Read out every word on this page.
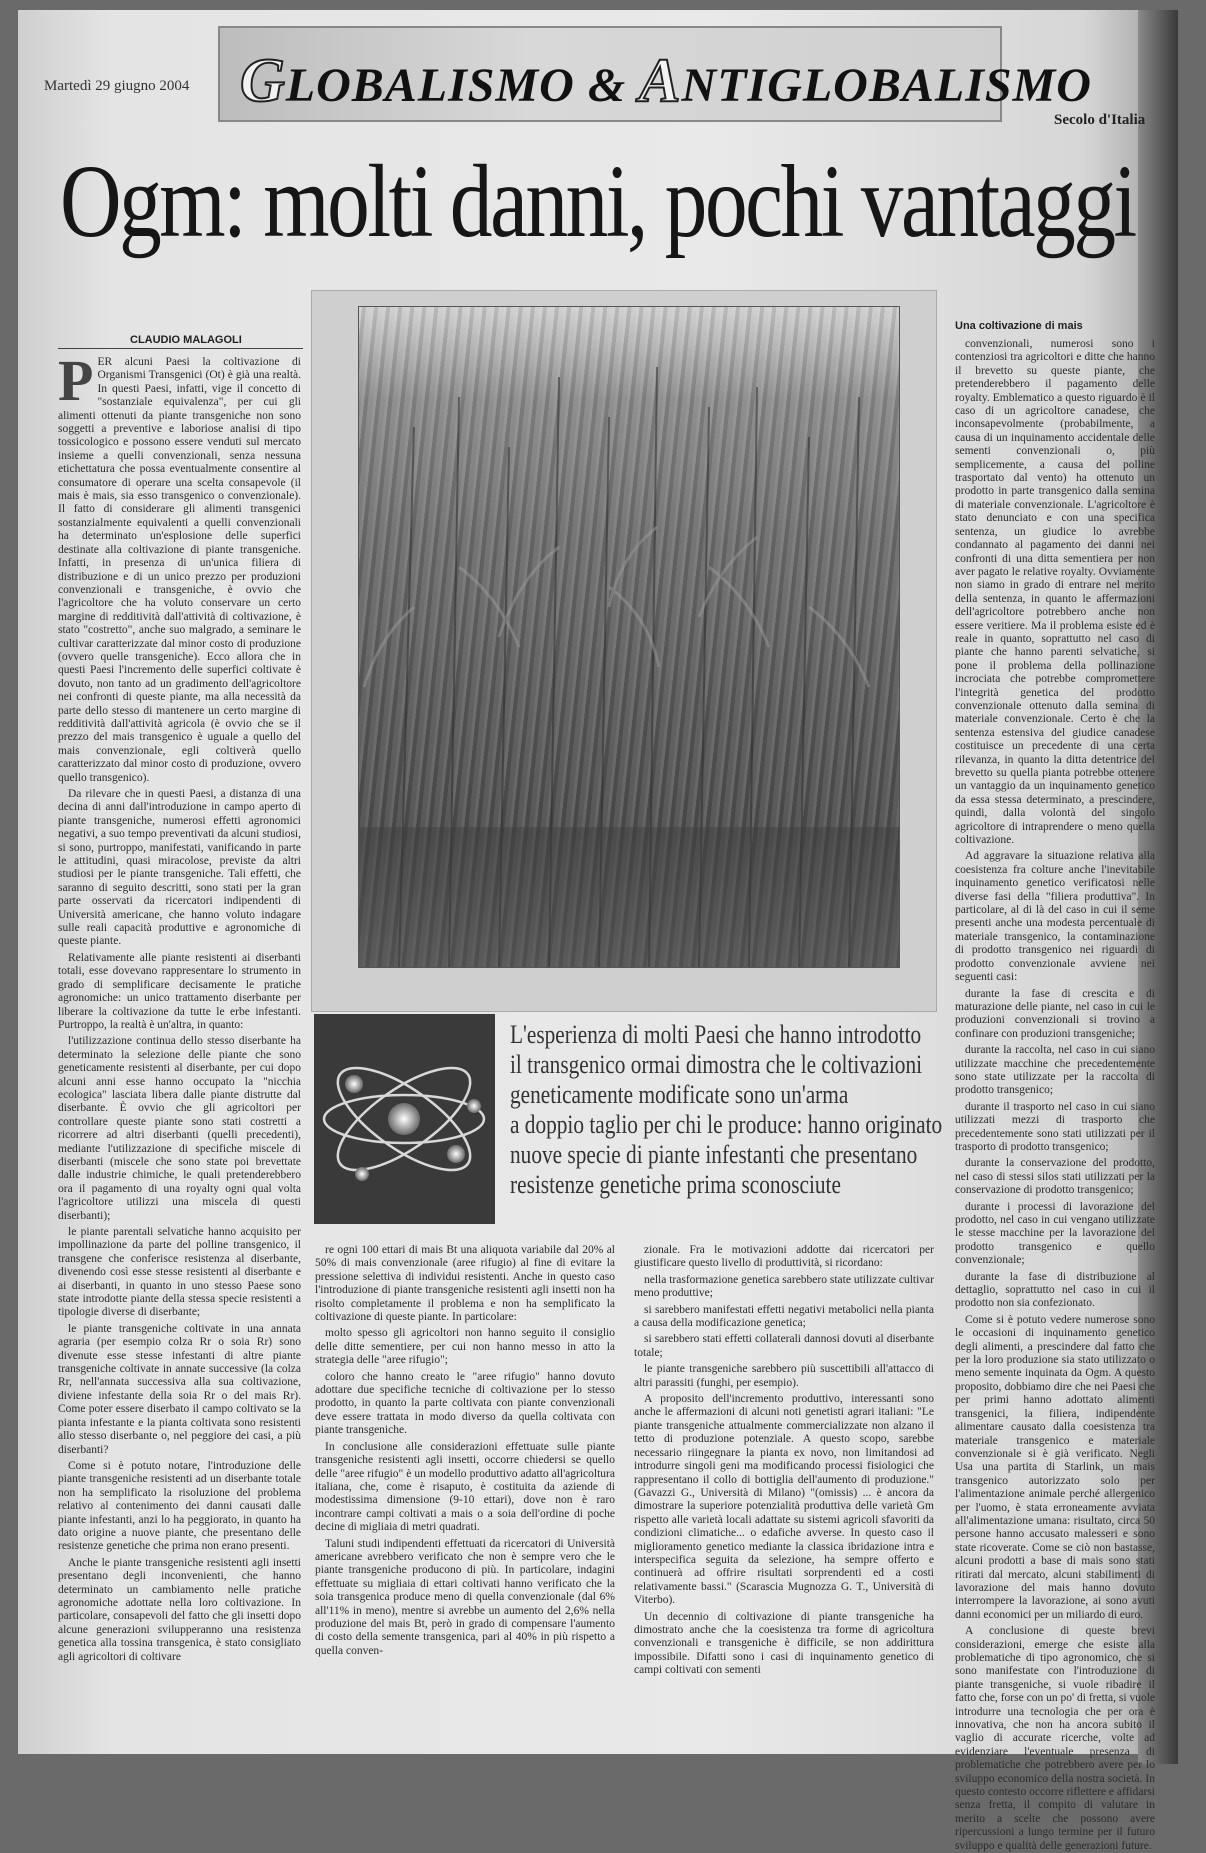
GLOBALISMO & ANTIGLOBALISMO
Martedì 29 giugno 2004
Secolo d'Italia
Ogm: molti danni, pochi vantaggi
CLAUDIO MALAGOLI

PER alcuni Paesi la coltivazione di Organismi Transgenici (Ot) è già una realtà. In questi Paesi, infatti, vige il concetto di "sostanziale equivalenza", per cui gli alimenti ottenuti da piante transgeniche non sono soggetti a preventive e laboriose analisi di tipo tossicologico e possono essere venduti sul mercato insieme a quelli convenzionali, senza nessuna etichettatura che possa eventualmente consentire al consumatore di operare una scelta consapevole (il mais è mais, sia esso transgenico o convenzionale). Il fatto di considerare gli alimenti transgenici sostanzialmente equivalenti a quelli convenzionali ha determinato un'esplosione delle superfici destinate alla coltivazione di piante transgeniche. Infatti, in presenza di un'unica filiera di distribuzione e di un unico prezzo per produzioni convenzionali e transgeniche, è ovvio che l'agricoltore che ha voluto conservare un certo margine di redditività dall'attività di coltivazione, è stato "costretto", anche suo malgrado, a seminare le cultivar caratterizzate dal minor costo di produzione (ovvero quelle transgeniche). Ecco allora che in questi Paesi l'incremento delle superfici coltivate è dovuto, non tanto ad un gradimento dell'agricoltore nei confronti di queste piante, ma alla necessità da parte dello stesso di mantenere un certo margine di redditività dall'attività agricola (è ovvio che se il prezzo del mais transgenico è uguale a quello del mais convenzionale, egli coltiverà quello caratterizzato dal minor costo di produzione, ovvero quello transgenico).

Da rilevare che in questi Paesi, a distanza di una decina di anni dall'introduzione in campo aperto di piante transgeniche, numerosi effetti agronomici negativi, a suo tempo preventivati da alcuni studiosi, si sono, purtroppo, manifestati, vanificando in parte le attitudini, quasi miracolose, previste da altri studiosi per le piante transgeniche. Tali effetti, che saranno di seguito descritti, sono stati per la gran parte osservati da ricercatori indipendenti di Università americane, che hanno voluto indagare sulle reali capacità produttive e agronomiche di queste piante.

Relativamente alle piante resistenti ai diserbanti totali, esse dovevano rappresentare lo strumento in grado di semplificare decisamente le pratiche agronomiche: un unico trattamento diserbante per liberare la coltivazione da tutte le erbe infestanti. Purtroppo, la realtà è un'altra, in quanto:

l'utilizzazione continua dello stesso diserbante ha determinato la selezione delle piante che sono geneticamente resistenti al diserbante, per cui dopo alcuni anni esse hanno occupato la "nicchia ecologica" lasciata libera dalle piante distrutte dal diserbante. È ovvio che gli agricoltori per controllare queste piante sono stati costretti a ricorrere ad altri diserbanti (quelli precedenti), mediante l'utilizzazione di specifiche miscele di diserbanti (miscele che sono state poi brevettate dalle industrie chimiche, le quali pretenderebbero ora il pagamento di una royalty ogni qual volta l'agricoltore utilizzi una miscela di questi diserbanti);

le piante parentali selvatiche hanno acquisito per impollinazione da parte del polline transgenico, il transgene che conferisce resistenza al diserbante, divenendo così esse stesse resistenti al diserbante e ai diserbanti, in quanto in uno stesso Paese sono state introdotte piante della stessa specie resistenti a tipologie diverse di diserbante;

le piante transgeniche coltivate in una annata agraria (per esempio colza Rr o soia Rr) sono divenute esse stesse infestanti di altre piante transgeniche coltivate in annate successive (la colza Rr, nell'annata successiva alla sua coltivazione, diviene infestante della soia Rr o del mais Rr). Come poter essere diserbato il campo coltivato se la pianta infestante e la pianta coltivata sono resistenti allo stesso diserbante o, nel peggiore dei casi, a più diserbanti?

Come si è potuto notare, l'introduzione delle piante transgeniche resistenti ad un diserbante totale non ha semplificato la risoluzione del problema relativo al contenimento dei danni causati dalle piante infestanti, anzi lo ha peggiorato, in quanto ha dato origine a nuove piante, che presentano delle resistenze genetiche che prima non erano presenti.

Anche le piante transgeniche resistenti agli insetti presentano degli inconvenienti, che hanno determinato un cambiamento nelle pratiche agronomiche adottate nella loro coltivazione. In particolare, consapevoli del fatto che gli insetti dopo alcune generazioni svilupperanno una resistenza genetica alla tossina transgenica, è stato consigliato agli agricoltori di coltivare

Una coltivazione di mais

convenzionali, numerosi sono i contenziosi tra agricoltori e ditte che hanno il brevetto su queste piante, che pretenderebbero il pagamento delle royalty. Emblematico a questo riguardo è il caso di un agricoltore canadese, che inconsapevolmente (probabilmente, a causa di un inquinamento accidentale delle sementi convenzionali o, più semplicemente, a causa del polline trasportato dal vento) ha ottenuto un prodotto in parte transgenico dalla semina di materiale convenzionale. L'agricoltore è stato denunciato e con una specifica sentenza, un giudice lo avrebbe condannato al pagamento dei danni nei confronti di una ditta sementiera per non aver pagato le relative royalty. Ovviamente non siamo in grado di entrare nel merito della sentenza, in quanto le affermazioni dell'agricoltore potrebbero anche non essere veritiere. Ma il problema esiste ed è reale in quanto, soprattutto nel caso di piante che hanno parenti selvatiche, si pone il problema della pollinazione incrociata che potrebbe compromettere l'integrità genetica del prodotto convenzionale ottenuto dalla semina di materiale convenzionale. Certo è che la sentenza estensiva del giudice canadese costituisce un precedente di una certa rilevanza, in quanto la ditta detentrice del brevetto su quella pianta potrebbe ottenere un vantaggio da un inquinamento genetico da essa stessa determinato, a prescindere, quindi, dalla volontà del singolo agricoltore di intraprendere o meno quella coltivazione.

Ad aggravare la situazione relativa alla coesistenza fra colture anche l'inevitabile inquinamento genetico verificatosi nelle diverse fasi della "filiera produttiva". In particolare, al di là del caso in cui il seme presenti anche una modesta percentuale di materiale transgenico, la contaminazione di prodotto transgenico nei riguardi di prodotto convenzionale avviene nei seguenti casi:

durante la fase di crescita e di maturazione delle piante, nel caso in cui le produzioni convenzionali si trovino a confinare con produzioni transgeniche;

durante la raccolta, nel caso in cui siano utilizzate macchine che precedentemente sono state utilizzate per la raccolta di prodotto transgenico;

durante il trasporto nel caso in cui siano utilizzati mezzi di trasporto che precedentemente sono stati utilizzati per il trasporto di prodotto transgenico;

durante la conservazione del prodotto, nel caso di stessi silos stati utilizzati per la conservazione di prodotto transgenico;

durante i processi di lavorazione del prodotto, nel caso in cui vengano utilizzate le stesse macchine per la lavorazione del prodotto transgenico e quello convenzionale;

durante la fase di distribuzione al dettaglio, soprattutto nel caso in cui il prodotto non sia confezionato.

Come si è potuto vedere numerose sono le occasioni di inquinamento genetico degli alimenti, a prescindere dal fatto che per la loro produzione sia stato utilizzato o meno semente inquinata da Ogm. A questo proposito, dobbiamo dire che nei Paesi che per primi hanno adottato alimenti transgenici, la filiera, indipendente alimentare causato dalla coesistenza tra materiale transgenico e materiale convenzionale si è già verificato. Negli Usa una partita di Starlink, un mais transgenico autorizzato solo per l'alimentazione animale perché allergenico per l'uomo, è stata erroneamente avviata all'alimentazione umana: risultato, circa 50 persone hanno accusato malesseri e sono state ricoverate. Come se ciò non bastasse, alcuni prodotti a base di mais sono stati ritirati dal mercato, alcuni stabilimenti di lavorazione del mais hanno dovuto interrompere la lavorazione, ai sono avuti danni economici per un miliardo di euro.

A conclusione di queste brevi considerazioni, emerge che esiste alla problematiche di tipo agronomico, che si sono manifestate con l'introduzione di piante transgeniche, si vuole ribadire il fatto che, forse con un po' di fretta, si vuole introdurre una tecnologia che per ora è innovativa, che non ha ancora subito il vaglio di accurate ricerche, volte ad evidenziare l'eventuale presenza di problematiche che potrebbero avere per lo sviluppo economico della nostra società. In questo contesto occorre riflettere e affidarsi senza fretta, il compito di valutare in merito a scelte che possono avere ripercussioni a lungo termine per il futuro sviluppo e qualità delle generazioni future.

L'esperienza di molti Paesi che hanno introdotto
il transgenico ormai dimostra che le coltivazioni
geneticamente modificate sono un'arma
a doppio taglio per chi le produce: hanno originato
nuove specie di piante infestanti che presentano
resistenze genetiche prima sconosciute

re ogni 100 ettari di mais Bt una aliquota variabile dal 20% al 50% di mais convenzionale (aree rifugio) al fine di evitare la pressione selettiva di individui resistenti. Anche in questo caso l'introduzione di piante transgeniche resistenti agli insetti non ha risolto completamente il problema e non ha semplificato la coltivazione di queste piante. In particolare:

molto spesso gli agricoltori non hanno seguito il consiglio delle ditte sementiere, per cui non hanno messo in atto la strategia delle "aree rifugio";

coloro che hanno creato le "aree rifugio" hanno dovuto adottare due specifiche tecniche di coltivazione per lo stesso prodotto, in quanto la parte coltivata con piante convenzionali deve essere trattata in modo diverso da quella coltivata con piante transgeniche.

In conclusione alle considerazioni effettuate sulle piante transgeniche resistenti agli insetti, occorre chiedersi se quello delle "aree rifugio" è un modello produttivo adatto all'agricoltura italiana, che, come è risaputo, è costituita da aziende di modestissima dimensione (9-10 ettari), dove non è raro incontrare campi coltivati a mais o a soia dell'ordine di poche decine di migliaia di metri quadrati.

Taluni studi indipendenti effettuati da ricercatori di Università americane avrebbero verificato che non è sempre vero che le piante transgeniche producono di più. In particolare, indagini effettuate su migliaia di ettari coltivati hanno verificato che la soia transgenica produce meno di quella convenzionale (dal 6% all'11% in meno), mentre si avrebbe un aumento del 2,6% nella produzione del mais Bt, però in grado di compensare l'aumento di costo della semente transgenica, pari al 40% in più rispetto a quella conven-

zionale. Fra le motivazioni addotte dai ricercatori per giustificare questo livello di produttività, si ricordano:

nella trasformazione genetica sarebbero state utilizzate cultivar meno produttive;

si sarebbero manifestati effetti negativi metabolici nella pianta a causa della modificazione genetica;

si sarebbero stati effetti collaterali dannosi dovuti al diserbante totale;

le piante transgeniche sarebbero più suscettibili all'attacco di altri parassiti (funghi, per esempio).

A proposito dell'incremento produttivo, interessanti sono anche le affermazioni di alcuni noti genetisti agrari italiani: "Le piante transgeniche attualmente commercializzate non alzano il tetto di produzione potenziale. A questo scopo, sarebbe necessario riingegnare la pianta ex novo, non limitandosi ad introdurre singoli geni ma modificando processi fisiologici che rappresentano il collo di bottiglia dell'aumento di produzione." (Gavazzi G., Università di Milano) "(omissis) ... è ancora da dimostrare la superiore potenzialità produttiva delle varietà Gm rispetto alle varietà locali adattate su sistemi agricoli sfavoriti da condizioni climatiche... o edafiche avverse. In questo caso il miglioramento genetico mediante la classica ibridazione intra e interspecifica seguita da selezione, ha sempre offerto e continuerà ad offrire risultati sorprendenti ed a costi relativamente bassi." (Scarascia Mugnozza G. T., Università di Viterbo).

Un decennio di coltivazione di piante transgeniche ha dimostrato anche che la coesistenza tra forme di agricoltura convenzionali e transgeniche è difficile, se non addirittura impossibile. Difatti sono i casi di inquinamento genetico di campi coltivati con sementi
